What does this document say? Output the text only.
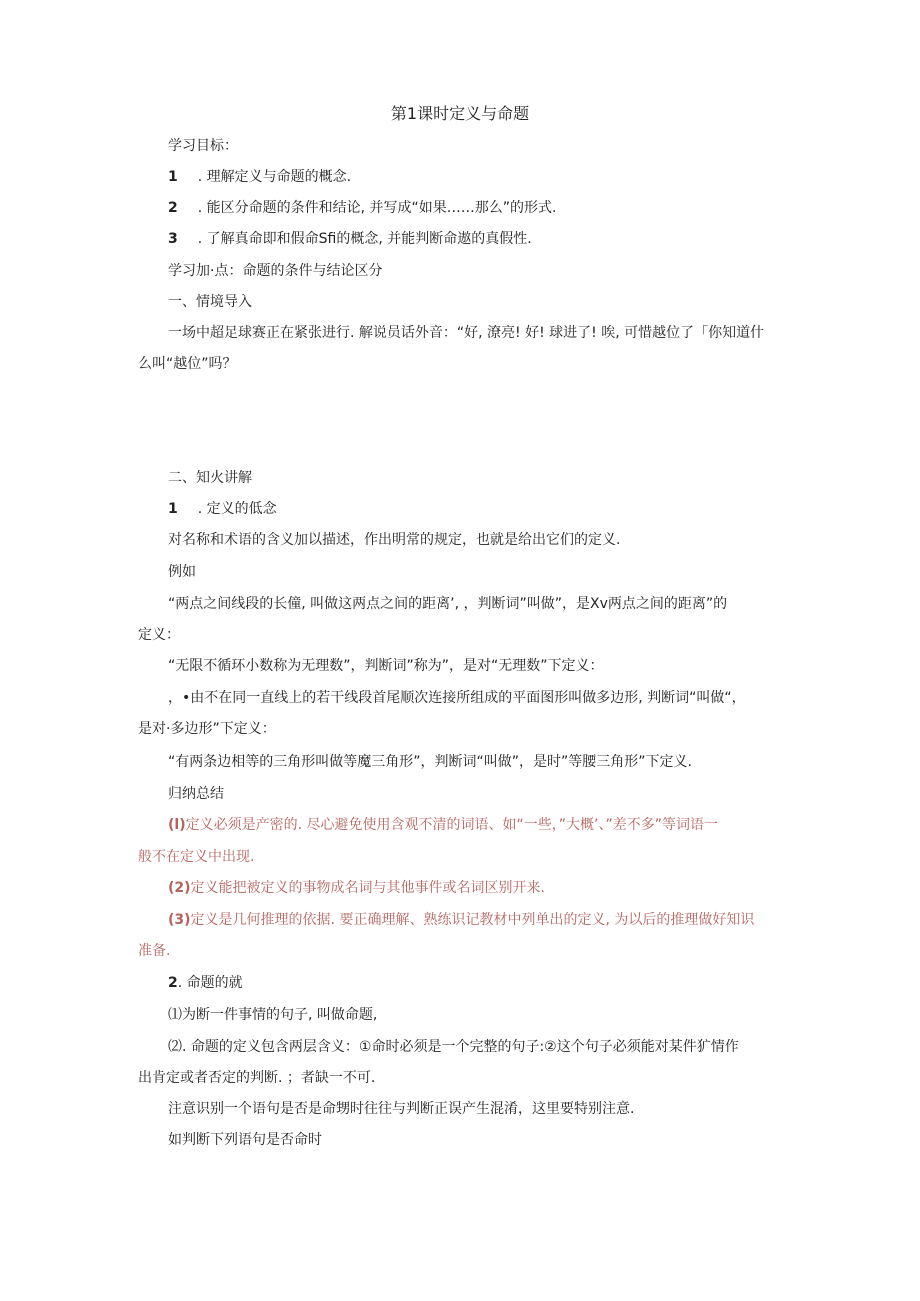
第1课时定义与命题
学习目标：
1 . 理解定义与命题的概念.
2 . 能区分命题的条件和结论, 并写成“如果……那么”的形式.
3 . 了解真命即和假命Sfi的概念, 并能判断命遨的真假性.
学习加·点：命题的条件与结论区分
一、情境导入
一场中超足球赛正在紧张进行. 解说员话外音：“好, 潦亮! 好! 球进了! 唉, 可惜越位了「你知道什
么叫“越位”吗？
二、知火讲解
1 . 定义的低念
对名称和术语的含义加以描述，作出明常的规定，也就是给出它们的定义.
例如
“两点之间线段的长僮, 叫做这两点之间的距离’, ，判断词”叫做”，是Xv两点之间的距离”的
定义：
“无限不循环小数称为无理数”，判断词”称为”，是对“无理数”下定义：
，•由不在同一直线上的若干线段首尾顺次连接所组成的平面图形叫做多边形, 判断词“叫做“，
是对·多边形”下定义：
“有两条边相等的三角形叫做等魔三角形”，判断词“叫做”，是时”等腰三角形”下定义.
归纳总结
(l)定义必须是产密的. 尽心避免使用含观不清的词语、如“一些，”大概’、”差不多”等词语一
般不在定义中出现.
(2)定义能把被定义的事物成名词与其他事件或名词区别开来.
(3)定义是几何推理的依据. 要正确理解、熟练识记教材中列单出的定义, 为以后的推理做好知识
准备.
2. 命题的就
⑴为断一件事情的句子, 叫做命题,
⑵. 命题的定义包含两层含义：①命时必须是一个完整的句子:②这个句子必须能对某件犷情作
出肯定或者否定的判断. ；者缺一不可.
注意识别一个语句是否是命甥时往往与判断正误产生混淆，这里要特别注意.
如判断下列语句是否命时
